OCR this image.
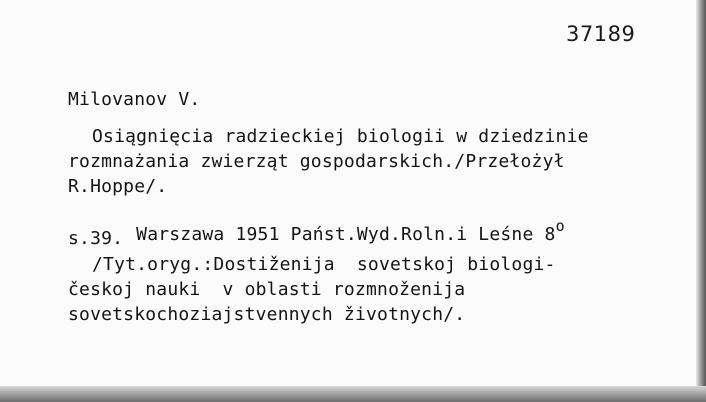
37189
Milovanov V.
Osiągnięcia radzieckiej biologii w dziedzinie
rozmnażania zwierząt gospodarskich./Przełożył
R.Hoppe/.

Warszawa 1951 Państ.Wyd.Roln.i Leśne 8$^o$

s.39.
/Tyt.oryg.:Dostiženija  sovetskoj biologi-
českoj nauki  v oblasti rozmnoženija
sovetskochoziajstvennych životnych/.
